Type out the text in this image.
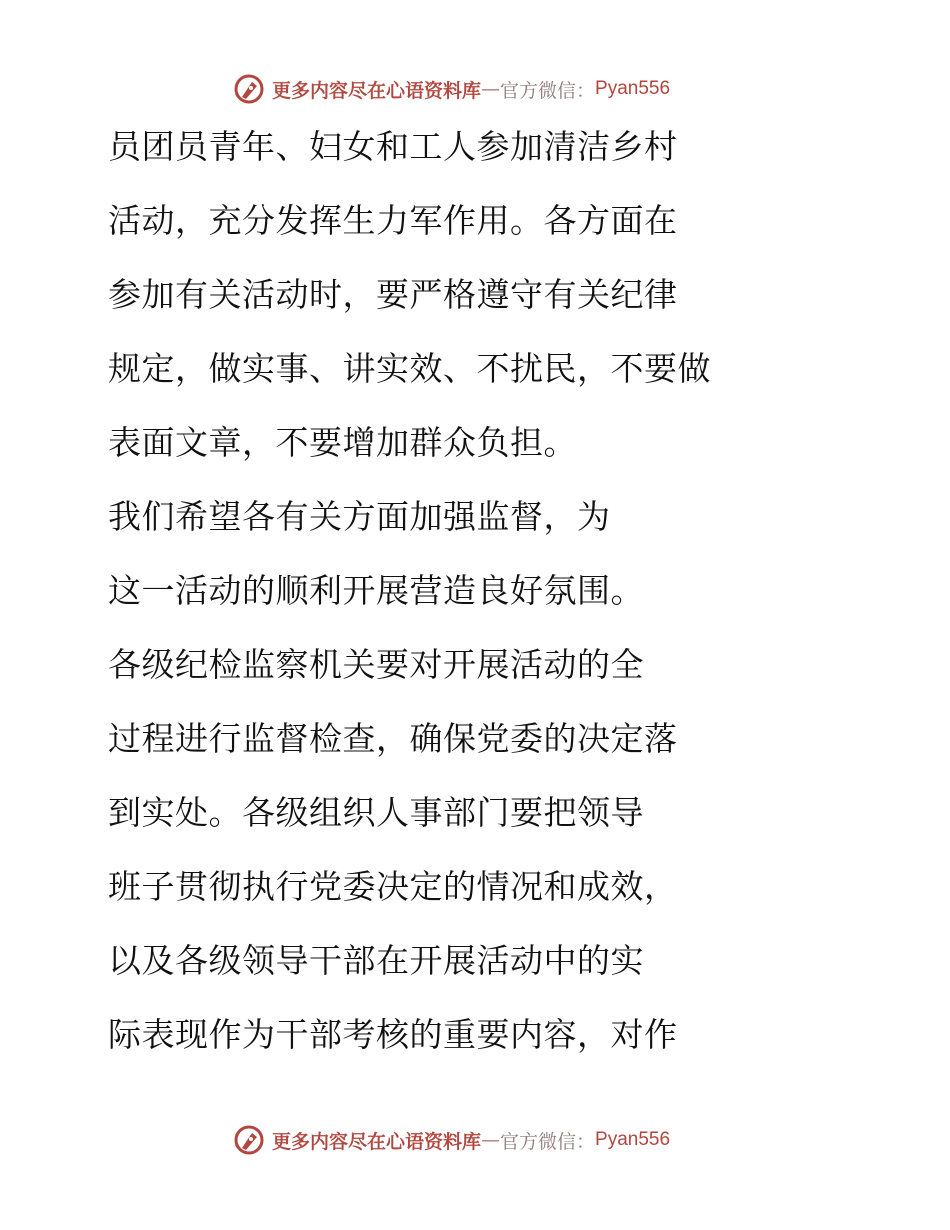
更多内容尽在心语资料库 — 官方微信： Pyan556
员团员青年、妇女和工人参加清洁乡村
活动，充分发挥生力军作用。各方面在
参加有关活动时，要严格遵守有关纪律
规定，做实事、讲实效、不扰民，不要做
表面文章，不要增加群众负担。
我们希望各有关方面加强监督，为
这一活动的顺利开展营造良好氛围。
各级纪检监察机关要对开展活动的全
过程进行监督检查，确保党委的决定落
到实处。各级组织人事部门要把领导
班子贯彻执行党委决定的情况和成效，
以及各级领导干部在开展活动中的实
际表现作为干部考核的重要内容，对作
更多内容尽在心语资料库 — 官方微信： Pyan556
